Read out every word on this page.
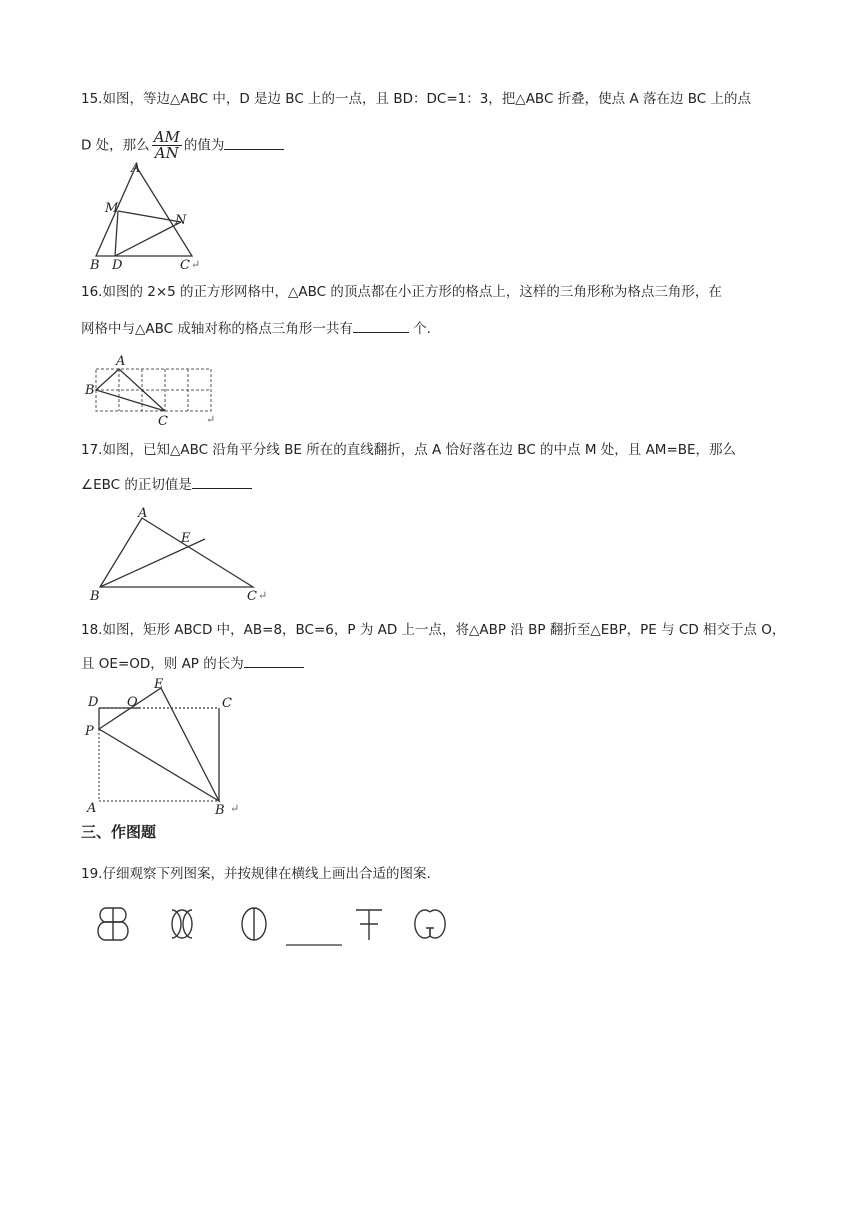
15.如图，等边△ABC 中，D 是边 BC 上的一点，且 BD：DC=1：3，把△ABC 折叠，使点 A 落在边 BC 上的点
D 处，那么 $\frac{AM}{AN}$ 的值为
A
M
N
B D	C ↵
16.如图的 2×5 的正方形网格中，△ABC 的顶点都在小正方形的格点上，这样的三角形称为格点三角形，在
网格中与△ABC 成轴对称的格点三角形一共有	个.
A
B
C	↵
17.如图，已知△ABC 沿角平分线 BE 所在的直线翻折，点 A 恰好落在边 BC 的中点 M 处，且 AM=BE，那么
∠EBC 的正切值是
A
E
B	C ↵
18.如图，矩形 ABCD 中，AB=8，BC=6，P 为 AD 上一点，将△ABP 沿 BP 翻折至△EBP，PE 与 CD 相交于点 O，
且 OE=OD，则 AP 的长为
D O
E
C
P
A	B ↵
三、作图题
19.仔细观察下列图案，并按规律在横线上画出合适的图案.
